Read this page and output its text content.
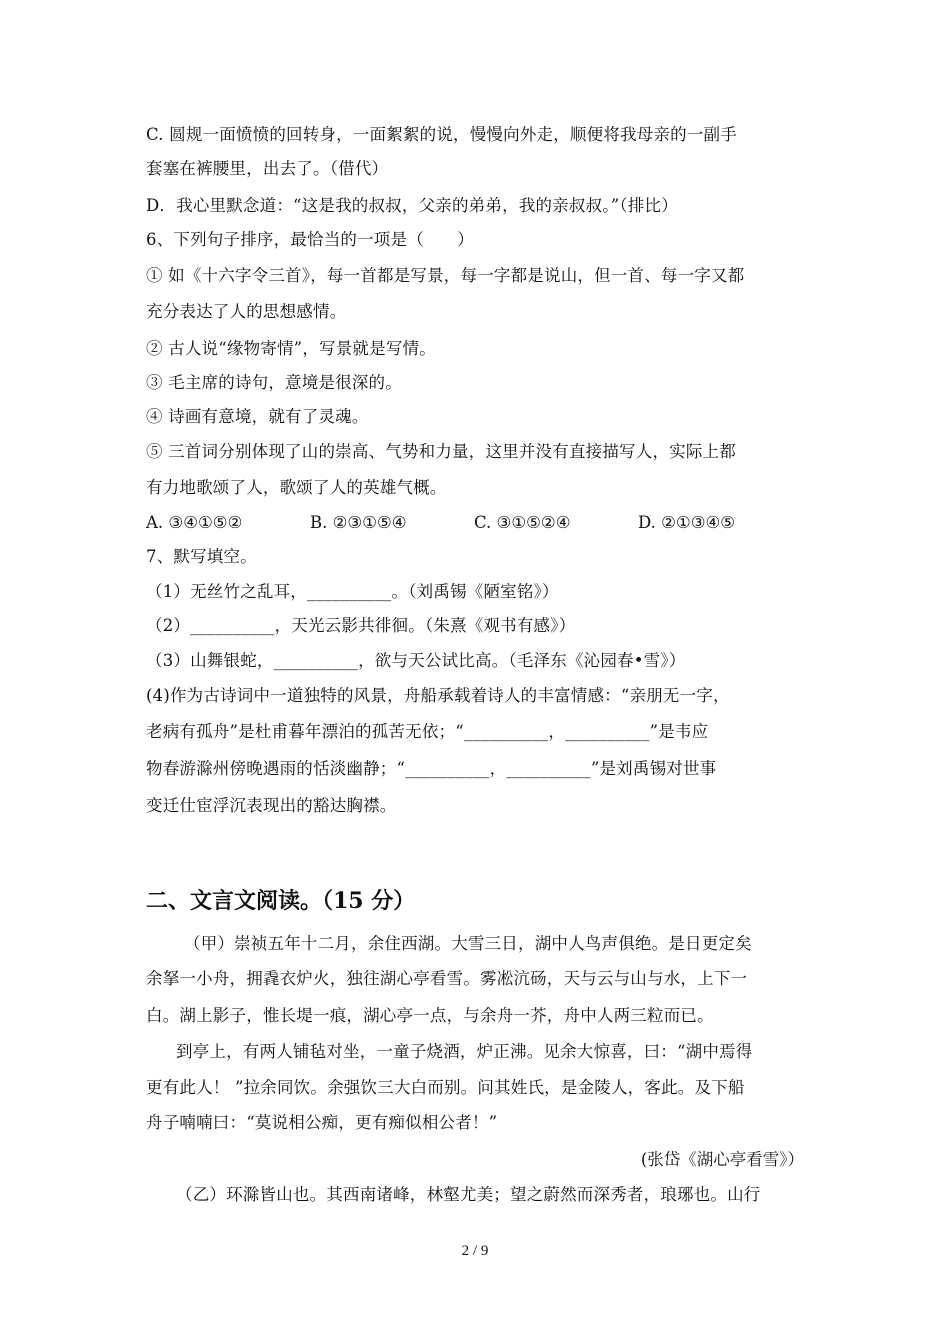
C. 圆规一面愤愤的回转身，一面絮絮的说，慢慢向外走，顺便将我母亲的一副手
套塞在裤腰里，出去了。（借代）
D．我心里默念道：“这是我的叔叔，父亲的弟弟，我的亲叔叔。”（排比）
6、下列句子排序，最恰当的一项是（　　）
① 如《十六字令三首》，每一首都是写景，每一字都是说山，但一首、每一字又都
充分表达了人的思想感情。
② 古人说“缘物寄情”，写景就是写情。
③ 毛主席的诗句，意境是很深的。
④ 诗画有意境，就有了灵魂。
⑤ 三首词分别体现了山的崇高、气势和力量，这里并没有直接描写人，实际上都
有力地歌颂了人，歌颂了人的英雄气概。
A. ③④①⑤②	B. ②③①⑤④	C. ③①⑤②④	D. ②①③④⑤
7、默写填空。
（1）无丝竹之乱耳，__________。（刘禹锡《陋室铭》）
（2）__________，天光云影共徘徊。（朱熹《观书有感》）
（3）山舞银蛇，__________，欲与天公试比高。（毛泽东《沁园春•雪》）
(4)作为古诗词中一道独特的风景，舟船承载着诗人的丰富情感：“亲朋无一字，
老病有孤舟”是杜甫暮年漂泊的孤苦无依；“__________，__________”是韦应
物春游滁州傍晚遇雨的恬淡幽静；“__________，__________”是刘禹锡对世事
变迁仕宦浮沉表现出的豁达胸襟。
二、文言文阅读。（15 分）
（甲）崇祯五年十二月，余住西湖。大雪三日，湖中人鸟声俱绝。是日更定矣
余拏一小舟，拥毳衣炉火，独往湖心亭看雪。雾凇沆砀，天与云与山与水，上下一
白。湖上影子，惟长堤一痕，湖心亭一点，与余舟一芥，舟中人两三粒而已。
到亭上，有两人铺毡对坐，一童子烧酒，炉正沸。见余大惊喜，曰：“湖中焉得
更有此人！ ”拉余同饮。余强饮三大白而别。问其姓氏，是金陵人，客此。及下船
舟子喃喃曰：“莫说相公痴，更有痴似相公者！”
(张岱《湖心亭看雪》）
（乙）环滁皆山也。其西南诸峰，林壑尤美；望之蔚然而深秀者，琅琊也。山行
2 / 9
